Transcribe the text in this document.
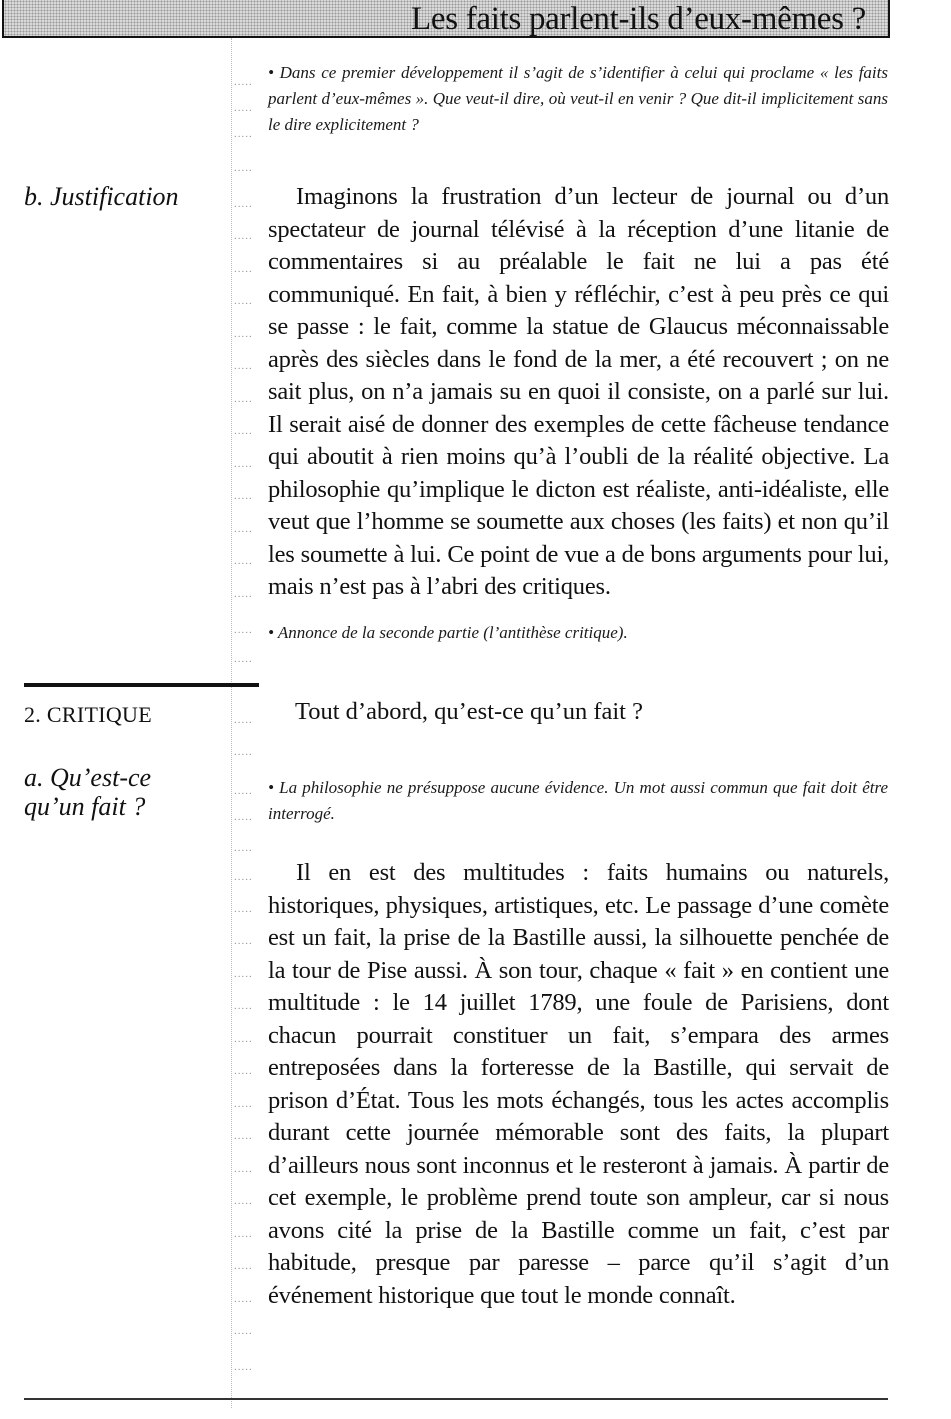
Les faits parlent-ils d’eux-mêmes ?
.....
.....
.....
.....
.....
.....
.....
.....
.....
.....
.....
.....
.....
.....
.....
.....
.....
.....
.....
.....
.....
.....
.....
.....
.....
.....
.....
.....
.....
.....
.....
.....
.....
.....
.....
.....
.....
.....
.....
.....
b. Justification
2. CRITIQUE
a. Qu’est-ce
qu’un fait ?
• Dans ce premier développement il s’agit de s’identifier à celui qui proclame « les faits parlent d’eux-mêmes ». Que veut-il dire, où veut-il en venir ? Que dit-il implicitement sans le dire explicitement ?
Imaginons la frustration d’un lecteur de journal ou d’un spectateur de journal télévisé à la réception d’une litanie de commentaires si au préalable le fait ne lui a pas été communiqué. En fait, à bien y réfléchir, c’est à peu près ce qui se passe : le fait, comme la statue de Glaucus méconnaissable après des siècles dans le fond de la mer, a été recouvert ; on ne sait plus, on n’a jamais su en quoi il consiste, on a parlé sur lui. Il serait aisé de donner des exemples de cette fâcheuse tendance qui aboutit à rien moins qu’à l’oubli de la réalité objective. La philosophie qu’implique le dicton est réaliste, anti-idéaliste, elle veut que l’homme se soumette aux choses (les faits) et non qu’il les soumette à lui. Ce point de vue a de bons arguments pour lui, mais n’est pas à l’abri des critiques.
• Annonce de la seconde partie (l’antithèse critique).
Tout d’abord, qu’est-ce qu’un fait ?
• La philosophie ne présuppose aucune évidence. Un mot aussi commun que fait doit être interrogé.
Il en est des multitudes : faits humains ou naturels, historiques, physiques, artistiques, etc. Le passage d’une comète est un fait, la prise de la Bastille aussi, la silhouette penchée de la tour de Pise aussi. À son tour, chaque « fait » en contient une multitude : le 14 juillet 1789, une foule de Parisiens, dont chacun pourrait constituer un fait, s’empara des armes entreposées dans la forteresse de la Bastille, qui servait de prison d’État. Tous les mots échangés, tous les actes accomplis durant cette journée mémorable sont des faits, la plupart d’ailleurs nous sont inconnus et le resteront à jamais. À partir de cet exemple, le problème prend toute son ampleur, car si nous avons cité la prise de la Bastille comme un fait, c’est par habitude, presque par paresse – parce qu’il s’agit d’un événement historique que tout le monde connaît.
